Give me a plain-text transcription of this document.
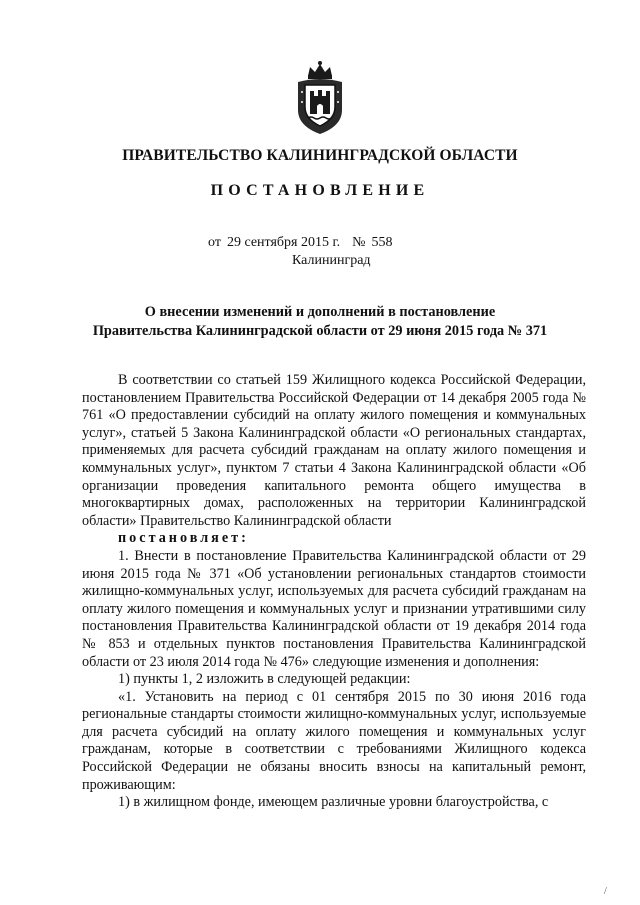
ПРАВИТЕЛЬСТВО КАЛИНИНГРАДСКОЙ ОБЛАСТИ
ПОСТАНОВЛЕНИЕ
от 29 сентября 2015 г. № 558
Калининград
О внесении изменений и дополнений в постановление
Правительства Калининградской области от 29 июня 2015 года № 371

В соответствии со статьей 159 Жилищного кодекса Российской Федерации, постановлением Правительства Российской Федерации от 14 декабря 2005 года № 761 «О предоставлении субсидий на оплату жилого помещения и коммунальных услуг», статьей 5 Закона Калининградской области «О региональных стандартах, применяемых для расчета субсидий гражданам на оплату жилого помещения и коммунальных услуг», пунктом 7 статьи 4 Закона Калининградской области «Об организации проведения капитального ремонта общего имущества в многоквартирных домах, расположенных на территории Калининградской области» Правительство Калининградской области

постановляет:

1. Внести в постановление Правительства Калининградской области от 29 июня 2015 года № 371 «Об установлении региональных стандартов стоимости жилищно-коммунальных услуг, используемых для расчета субсидий гражданам на оплату жилого помещения и коммунальных услуг и признании утратившими силу постановления Правительства Калининградской области от 19 декабря 2014 года № 853 и отдельных пунктов постановления Правительства Калининградской области от 23 июля 2014 года № 476» следующие изменения и дополнения:

1) пункты 1, 2 изложить в следующей редакции:

«1. Установить на период с 01 сентября 2015 по 30 июня 2016 года региональные стандарты стоимости жилищно-коммунальных услуг, используемые для расчета субсидий на оплату жилого помещения и коммунальных услуг гражданам, которые в соответствии с требованиями Жилищного кодекса Российской Федерации не обязаны вносить взносы на капитальный ремонт, проживающим:

1) в жилищном фонде, имеющем различные уровни благоустройства, с

/
